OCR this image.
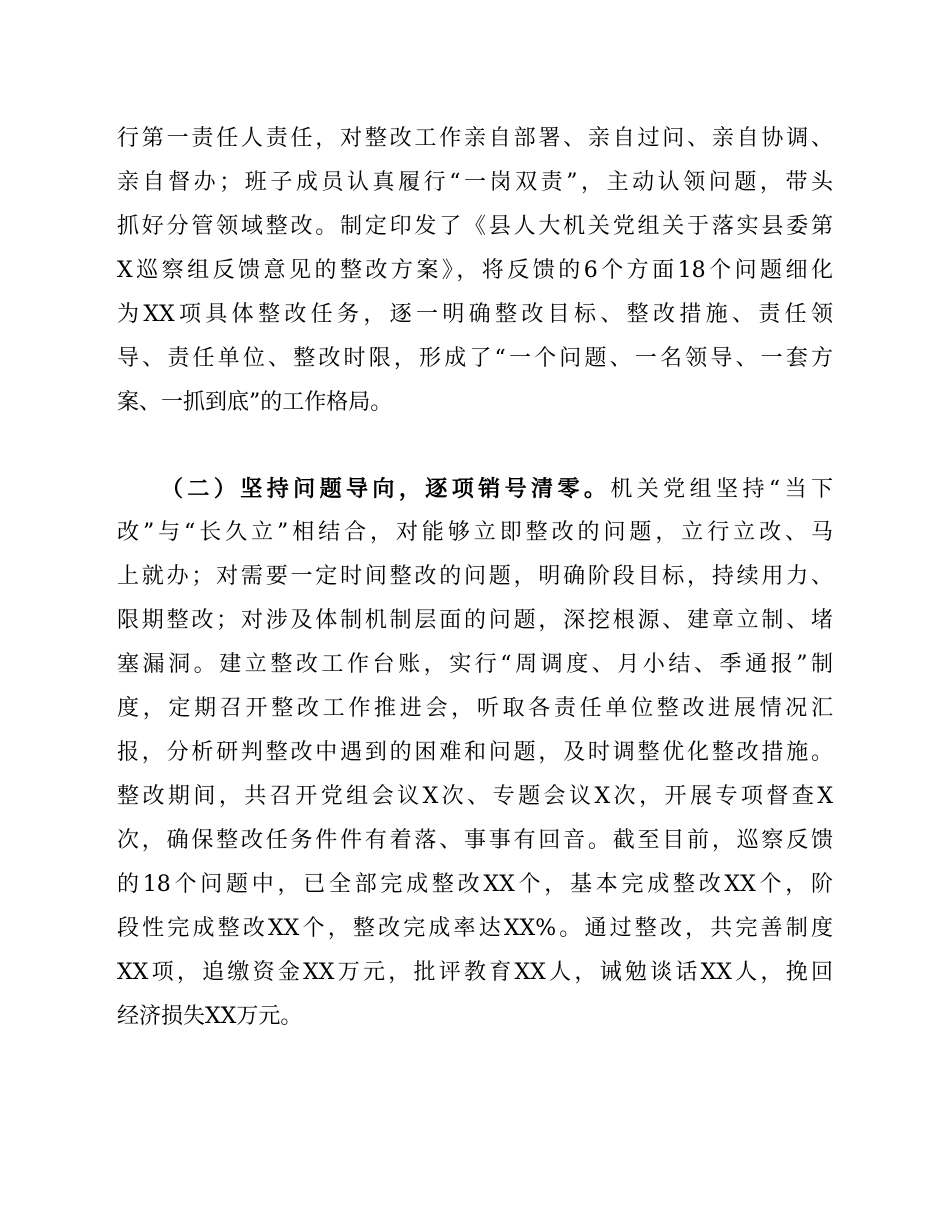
行第一责任人责任，对整改工作亲自部署、亲自过问、亲自协调、
亲自督办；班子成员认真履行“一岗双责”，主动认领问题，带头
抓好分管领域整改。制定印发了《县人大机关党组关于落实县委第
X巡察组反馈意见的整改方案》，将反馈的6个方面18个问题细化
为XX项具体整改任务，逐一明确整改目标、整改措施、责任领
导、责任单位、整改时限，形成了“一个问题、一名领导、一套方
案、一抓到底”的工作格局。
（二）坚持问题导向，逐项销号清零。机关党组坚持“当下
改”与“长久立”相结合，对能够立即整改的问题，立行立改、马
上就办；对需要一定时间整改的问题，明确阶段目标，持续用力、
限期整改；对涉及体制机制层面的问题，深挖根源、建章立制、堵
塞漏洞。建立整改工作台账，实行“周调度、月小结、季通报”制
度，定期召开整改工作推进会，听取各责任单位整改进展情况汇
报，分析研判整改中遇到的困难和问题，及时调整优化整改措施。
整改期间，共召开党组会议X次、专题会议X次，开展专项督查X
次，确保整改任务件件有着落、事事有回音。截至目前，巡察反馈
的18个问题中，已全部完成整改XX个，基本完成整改XX个，阶
段性完成整改XX个，整改完成率达XX%。通过整改，共完善制度
XX项，追缴资金XX万元，批评教育XX人，诫勉谈话XX人，挽回
经济损失XX万元。
